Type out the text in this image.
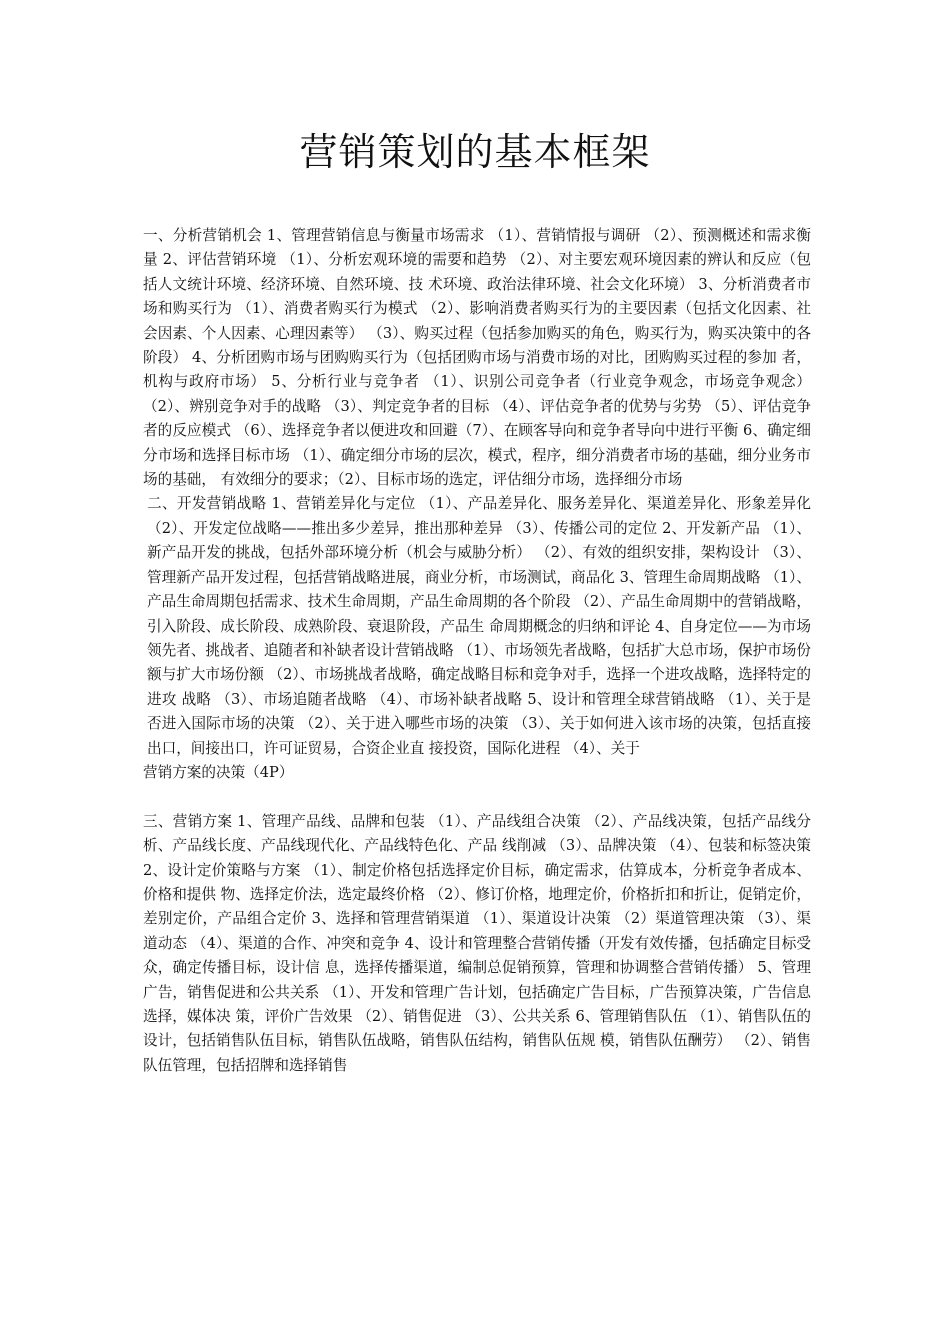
营销策划的基本框架

一、分析营销机会 1、管理营销信息与衡量市场需求 （1）、营销情报与调研 （2）、预测概述和需求衡量 2、评估营销环境 （1）、分析宏观环境的需要和趋势 （2）、对主要宏观环境因素的辨认和反应（包括人文统计环境、经济环境、自然环境、技 术环境、政治法律环境、社会文化环境） 3、分析消费者市场和购买行为 （1）、消费者购买行为模式 （2）、影响消费者购买行为的主要因素（包括文化因素、社会因素、个人因素、心理因素等） （3）、购买过程（包括参加购买的角色，购买行为，购买决策中的各阶段） 4、分析团购市场与团购购买行为（包括团购市场与消费市场的对比，团购购买过程的参加 者，机构与政府市场） 5、分析行业与竞争者 （1）、识别公司竞争者（行业竞争观念，市场竞争观念） （2）、辨别竞争对手的战略 （3）、判定竞争者的目标 （4）、评估竞争者的优势与劣势 （5）、评估竞争者的反应模式 （6）、选择竞争者以便进攻和回避（7）、在顾客导向和竞争者导向中进行平衡 6、确定细分市场和选择目标市场 （1）、确定细分市场的层次，模式，程序，细分消费者市场的基础，细分业务市场的基础， 有效细分的要求；（2）、目标市场的选定，评估细分市场，选择细分市场

二、开发营销战略 1、营销差异化与定位 （1）、产品差异化、服务差异化、渠道差异化、形象差异化 （2）、开发定位战略——推出多少差异，推出那种差异 （3）、传播公司的定位 2、开发新产品 （1）、新产品开发的挑战，包括外部环境分析（机会与威胁分析） （2）、有效的组织安排，架构设计 （3）、管理新产品开发过程，包括营销战略进展，商业分析，市场测试，商品化 3、管理生命周期战略 （1）、产品生命周期包括需求、技术生命周期，产品生命周期的各个阶段 （2）、产品生命周期中的营销战略，引入阶段、成长阶段、成熟阶段、衰退阶段，产品生 命周期概念的归纳和评论 4、自身定位——为市场领先者、挑战者、追随者和补缺者设计营销战略 （1）、市场领先者战略，包括扩大总市场，保护市场份额与扩大市场份额 （2）、市场挑战者战略，确定战略目标和竞争对手，选择一个进攻战略，选择特定的进攻 战略 （3）、市场追随者战略 （4）、市场补缺者战略 5、设计和管理全球营销战略 （1）、关于是否进入国际市场的决策 （2）、关于进入哪些市场的决策 （3）、关于如何进入该市场的决策，包括直接出口，间接出口，许可证贸易，合资企业直 接投资，国际化进程 （4）、关于

营销方案的决策（4P）

三、营销方案 1、管理产品线、品牌和包装 （1）、产品线组合决策 （2）、产品线决策，包括产品线分析、产品线长度、产品线现代化、产品线特色化、产品 线削减 （3）、品牌决策 （4）、包装和标签决策 2、设计定价策略与方案 （1）、制定价格包括选择定价目标，确定需求，估算成本，分析竞争者成本、价格和提供 物、选择定价法，选定最终价格 （2）、修订价格，地理定价，价格折扣和折让，促销定价，差别定价，产品组合定价 3、选择和管理营销渠道 （1）、渠道设计决策 （2）渠道管理决策 （3）、渠道动态 （4）、渠道的合作、冲突和竞争 4、设计和管理整合营销传播（开发有效传播，包括确定目标受众，确定传播目标，设计信 息，选择传播渠道，编制总促销预算，管理和协调整合营销传播） 5、管理广告，销售促进和公共关系 （1）、开发和管理广告计划，包括确定广告目标，广告预算决策，广告信息选择，媒体决 策，评价广告效果 （2）、销售促进 （3）、公共关系 6、管理销售队伍 （1）、销售队伍的设计，包括销售队伍目标，销售队伍战略，销售队伍结构，销售队伍规 模，销售队伍酬劳） （2）、销售队伍管理，包括招牌和选择销售
